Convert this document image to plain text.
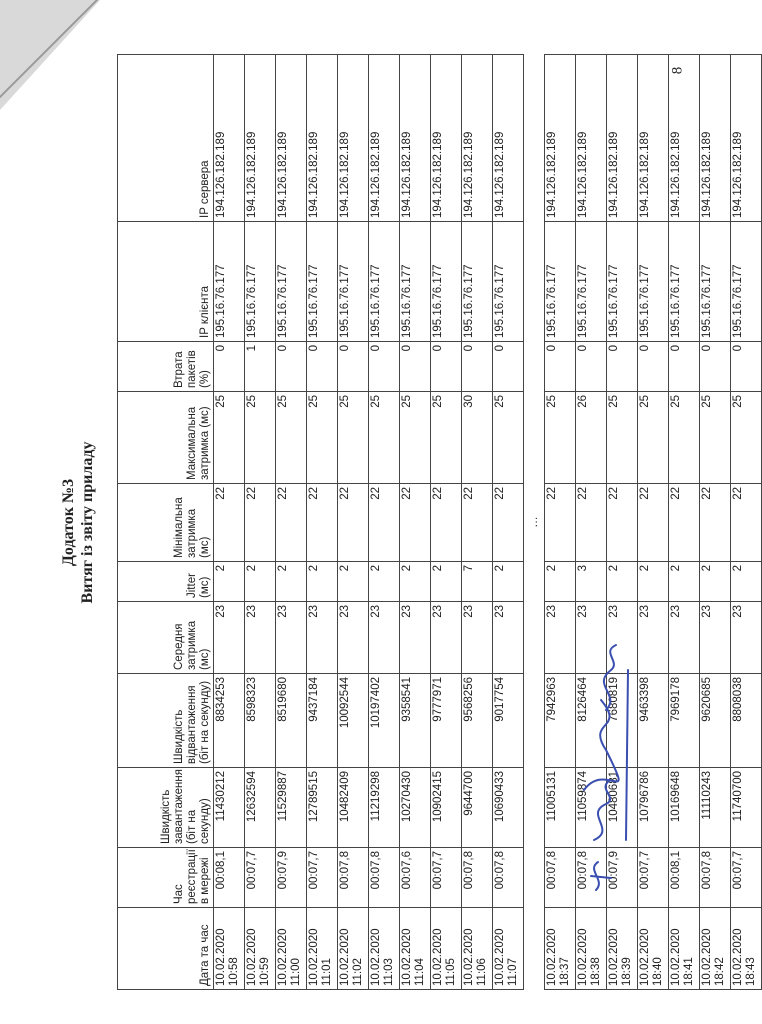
8
Додаток №3 Витяг із звіту приладу
Дата та час	Час реєстрації в мережі	Швидкість завантаження (біт на секунду)	Швидкість відвантаження (біт на секунду)	Середня затримка (мс)	Jitter (мс)	Мінімальна затримка (мс)	Максимальна затримка (мс)	Втрата пакетів (%)	IP клієнта	IP сервера
10.02.2020 10:58	00:08,1	11430212	8834253	23	2	22	25	0	195.16.76.177	194.126.182.189
10.02.2020 10:59	00:07,7	12632594	8598323	23	2	22	25	1	195.16.76.177	194.126.182.189
10.02.2020 11:00	00:07,9	11529887	8519680	23	2	22	25	0	195.16.76.177	194.126.182.189
10.02.2020 11:01	00:07,7	12789515	9437184	23	2	22	25	0	195.16.76.177	194.126.182.189
10.02.2020 11:02	00:07,8	10482409	10092544	23	2	22	25	0	195.16.76.177	194.126.182.189
10.02.2020 11:03	00:07,8	11219298	10197402	23	2	22	25	0	195.16.76.177	194.126.182.189
10.02.2020 11:04	00:07,6	10270430	9358541	23	2	22	25	0	195.16.76.177	194.126.182.189
10.02.2020 11:05	00:07,7	10902415	9777971	23	2	22	25	0	195.16.76.177	194.126.182.189
10.02.2020 11:06	00:07,8	9644700	9568256	23	7	22	30	0	195.16.76.177	194.126.182.189
10.02.2020 11:07	00:07,8	10690433	9017754	23	2	22	25	0	195.16.76.177	194.126.182.189
…										
10.02.2020 18:37	00:07,8	11005131	7942963	23	2	22	25	0	195.16.76.177	194.126.182.189
10.02.2020 18:38	00:07,8	11059874	8126464	23	3	22	26	0	195.16.76.177	194.126.182.189
10.02.2020 18:39	00:07,9	10480681	7680819	23	2	22	25	0	195.16.76.177	194.126.182.189
10.02.2020 18:40	00:07,7	10796786	9463398	23	2	22	25	0	195.16.76.177	194.126.182.189
10.02.2020 18:41	00:08,1	10169648	7969178	23	2	22	25	0	195.16.76.177	194.126.182.189
10.02.2020 18:42	00:07,8	11110243	9620685	23	2	22	25	0	195.16.76.177	194.126.182.189
10.02.2020 18:43	00:07,7	11740700	8808038	23	2	22	25	0	195.16.76.177	194.126.182.189
